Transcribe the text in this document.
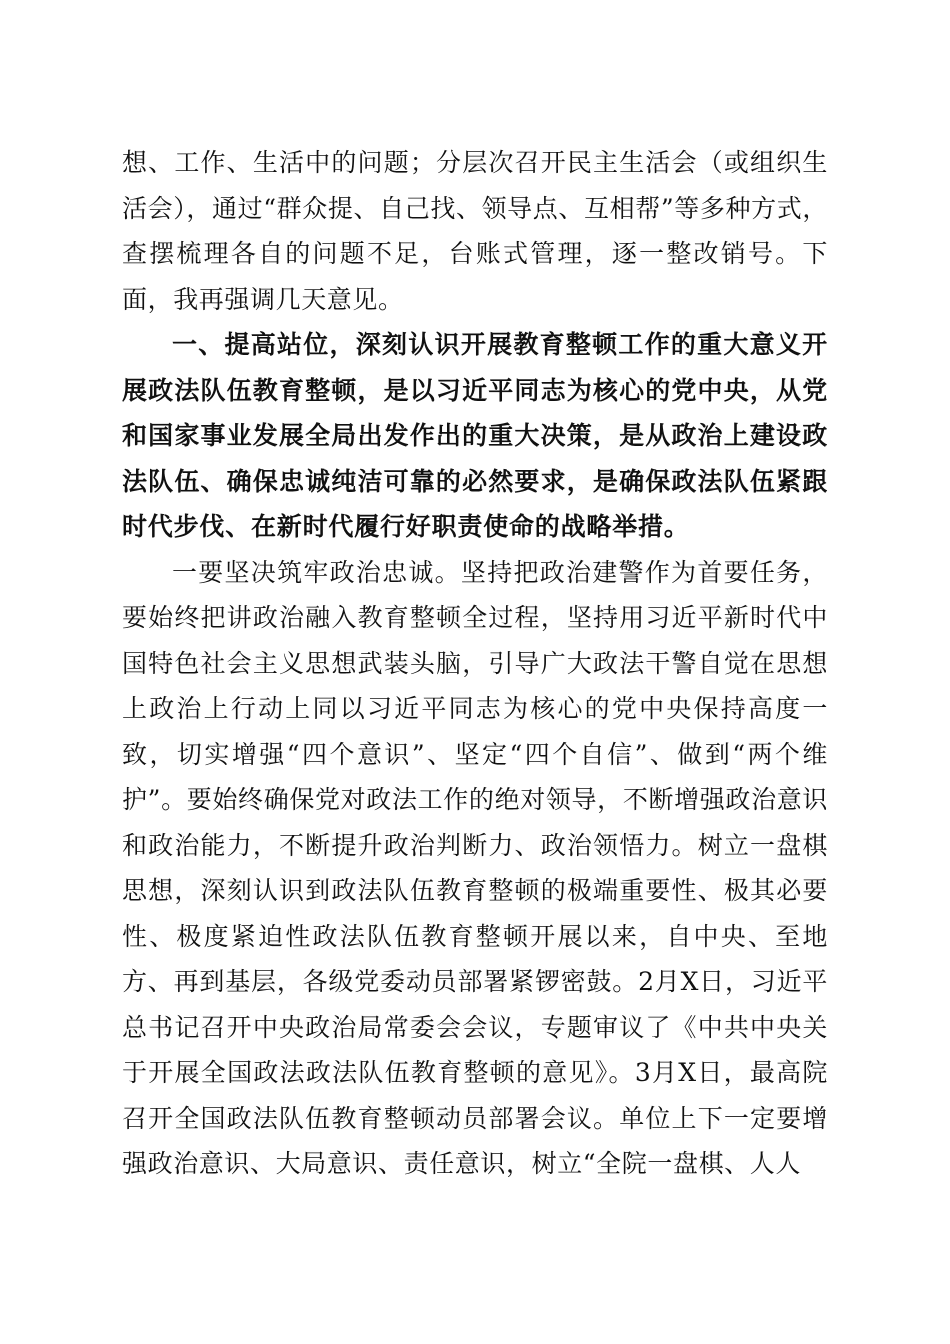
想、工作、生活中的问题；分层次召开民主生活会（或组织生活会），通过“群众提、自己找、领导点、互相帮”等多种方式，查摆梳理各自的问题不足，台账式管理，逐一整改销号。下面，我再强调几天意见。

一、提高站位，深刻认识开展教育整顿工作的重大意义开展政法队伍教育整顿，是以习近平同志为核心的党中央，从党和国家事业发展全局出发作出的重大决策，是从政治上建设政法队伍、确保忠诚纯洁可靠的必然要求，是确保政法队伍紧跟时代步伐、在新时代履行好职责使命的战略举措。

一要坚决筑牢政治忠诚。坚持把政治建警作为首要任务，要始终把讲政治融入教育整顿全过程，坚持用习近平新时代中国特色社会主义思想武装头脑，引导广大政法干警自觉在思想上政治上行动上同以习近平同志为核心的党中央保持高度一致，切实增强“四个意识”、坚定“四个自信”、做到“两个维护”。要始终确保党对政法工作的绝对领导，不断增强政治意识和政治能力，不断提升政治判断力、政治领悟力。树立一盘棋思想，深刻认识到政法队伍教育整顿的极端重要性、极其必要性、极度紧迫性政法队伍教育整顿开展以来，自中央、至地方、再到基层，各级党委动员部署紧锣密鼓。2月X日，习近平总书记召开中央政治局常委会会议，专题审议了《中共中央关于开展全国政法政法队伍教育整顿的意见》。3月X日，最高院召开全国政法队伍教育整顿动员部署会议。单位上下一定要增强政治意识、大局意识、责任意识，树立“全院一盘棋、人人
